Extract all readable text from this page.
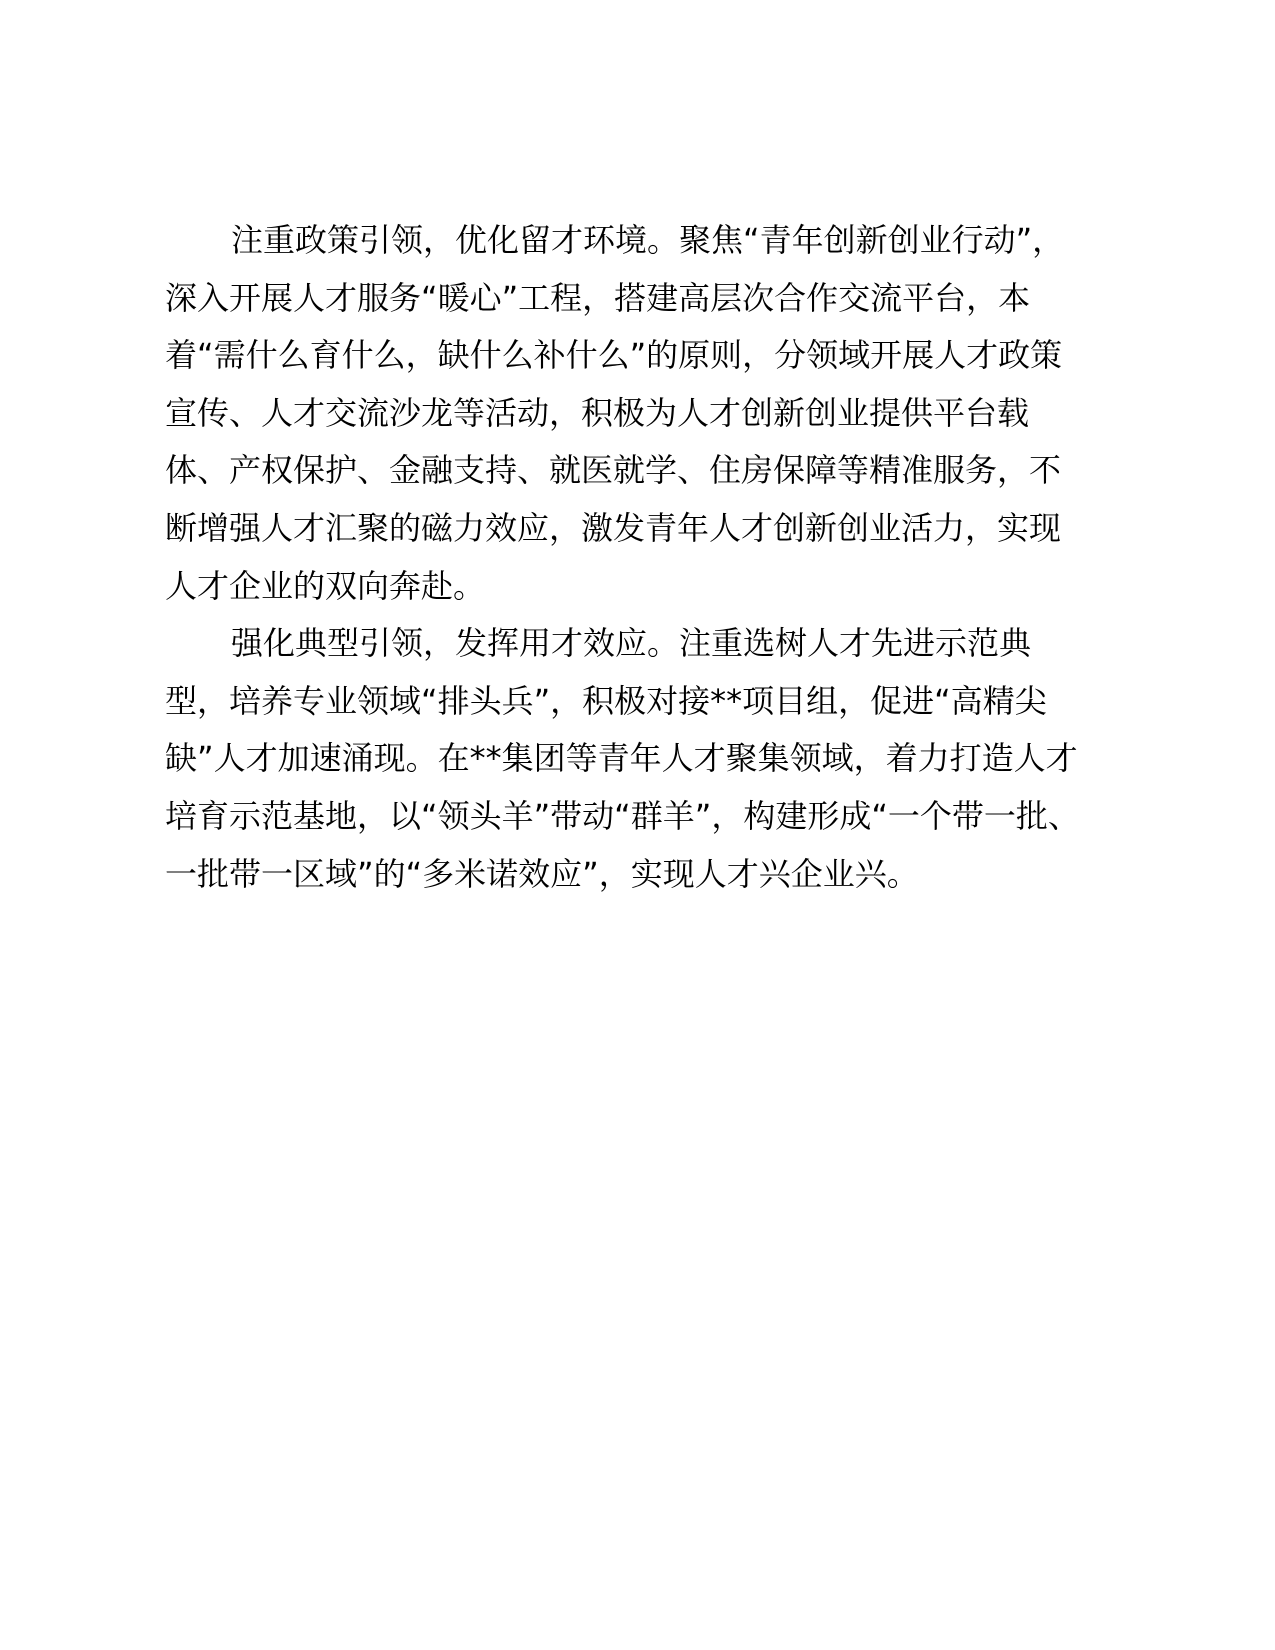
注重政策引领，优化留才环境。聚焦“青年创新创业行动”，
深入开展人才服务“暖心”工程，搭建高层次合作交流平台，本
着“需什么育什么，缺什么补什么”的原则，分领域开展人才政策
宣传、人才交流沙龙等活动，积极为人才创新创业提供平台载
体、产权保护、金融支持、就医就学、住房保障等精准服务，不
断增强人才汇聚的磁力效应，激发青年人才创新创业活力，实现
人才企业的双向奔赴。
强化典型引领，发挥用才效应。注重选树人才先进示范典
型，培养专业领域“排头兵”，积极对接**项目组，促进“高精尖
缺”人才加速涌现。在**集团等青年人才聚集领域，着力打造人才
培育示范基地，以“领头羊”带动“群羊”，构建形成“一个带一批、
一批带一区域”的“多米诺效应”，实现人才兴企业兴。
